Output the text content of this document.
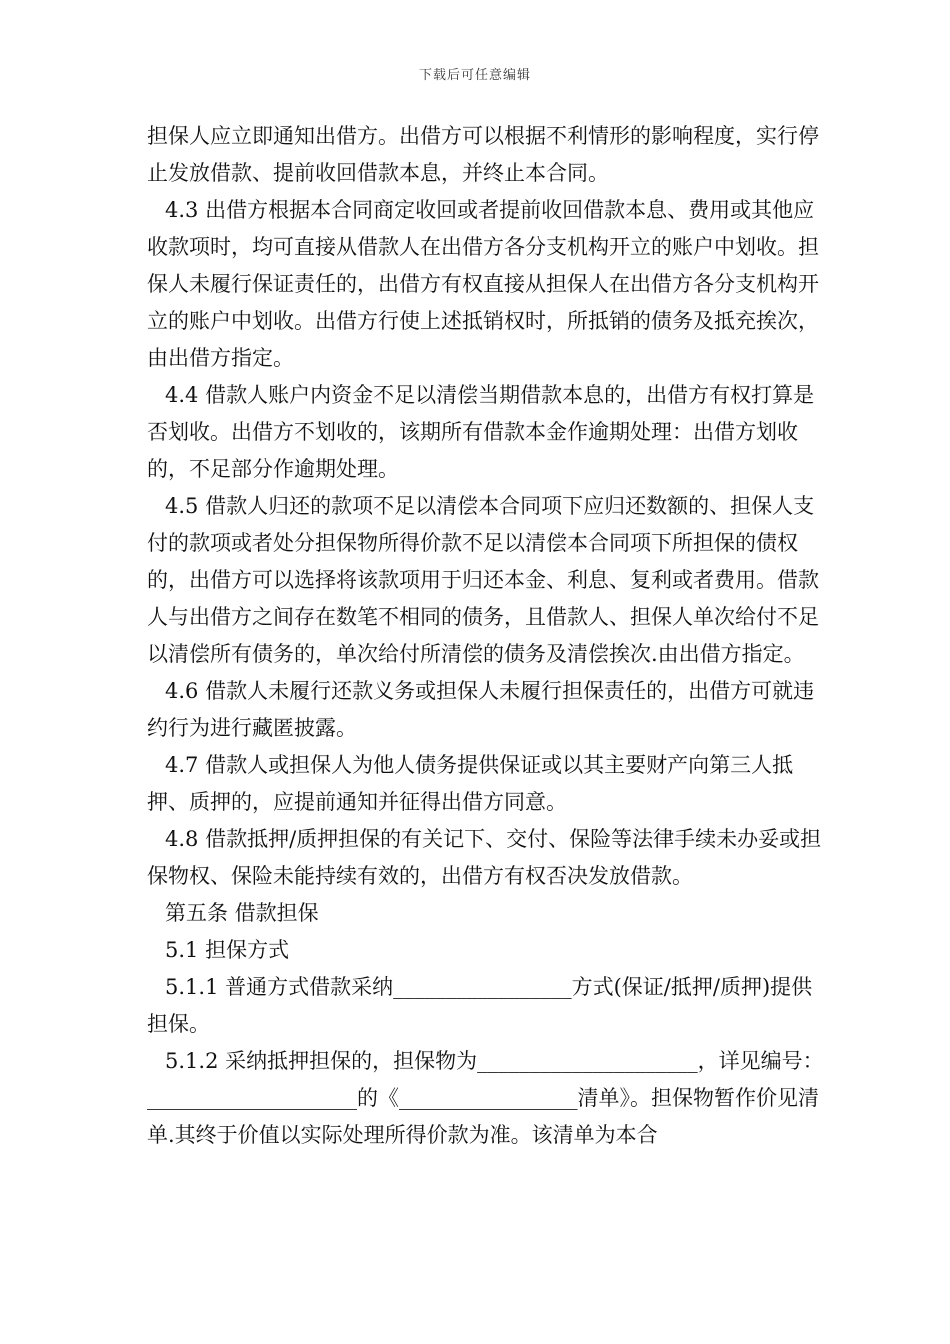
下载后可任意编辑

担保人应立即通知出借方。出借方可以根据不利情形的影响程度，实行停止发放借款、提前收回借款本息，并终止本合同。

4.3 出借方根据本合同商定收回或者提前收回借款本息、费用或其他应收款项时，均可直接从借款人在出借方各分支机构开立的账户中划收。担保人未履行保证责任的，出借方有权直接从担保人在出借方各分支机构开立的账户中划收。出借方行使上述抵销权时，所抵销的债务及抵充挨次，由出借方指定。

4.4 借款人账户内资金不足以清偿当期借款本息的，出借方有权打算是否划收。出借方不划收的，该期所有借款本金作逾期处理：出借方划收的，不足部分作逾期处理。

4.5 借款人归还的款项不足以清偿本合同项下应归还数额的、担保人支付的款项或者处分担保物所得价款不足以清偿本合同项下所担保的债权的，出借方可以选择将该款项用于归还本金、利息、复利或者费用。借款人与出借方之间存在数笔不相同的债务，且借款人、担保人单次给付不足以清偿所有债务的，单次给付所清偿的债务及清偿挨次.由出借方指定。

4.6 借款人未履行还款义务或担保人未履行担保责任的，出借方可就违约行为进行藏匿披露。

4.7 借款人或担保人为他人债务提供保证或以其主要财产向第三人抵押、质押的，应提前通知并征得出借方同意。

4.8 借款抵押/质押担保的有关记下、交付、保险等法律手续未办妥或担保物权、保险未能持续有效的，出借方有权否决发放借款。

第五条 借款担保

5.1 担保方式

5.1.1 普通方式借款采纳_________________方式(保证/抵押/质押)提供担保。

5.1.2 采纳抵押担保的，担保物为_____________________，详见编号：____________________的《_________________清单》。担保物暂作价见清单.其终于价值以实际处理所得价款为准。该清单为本合
